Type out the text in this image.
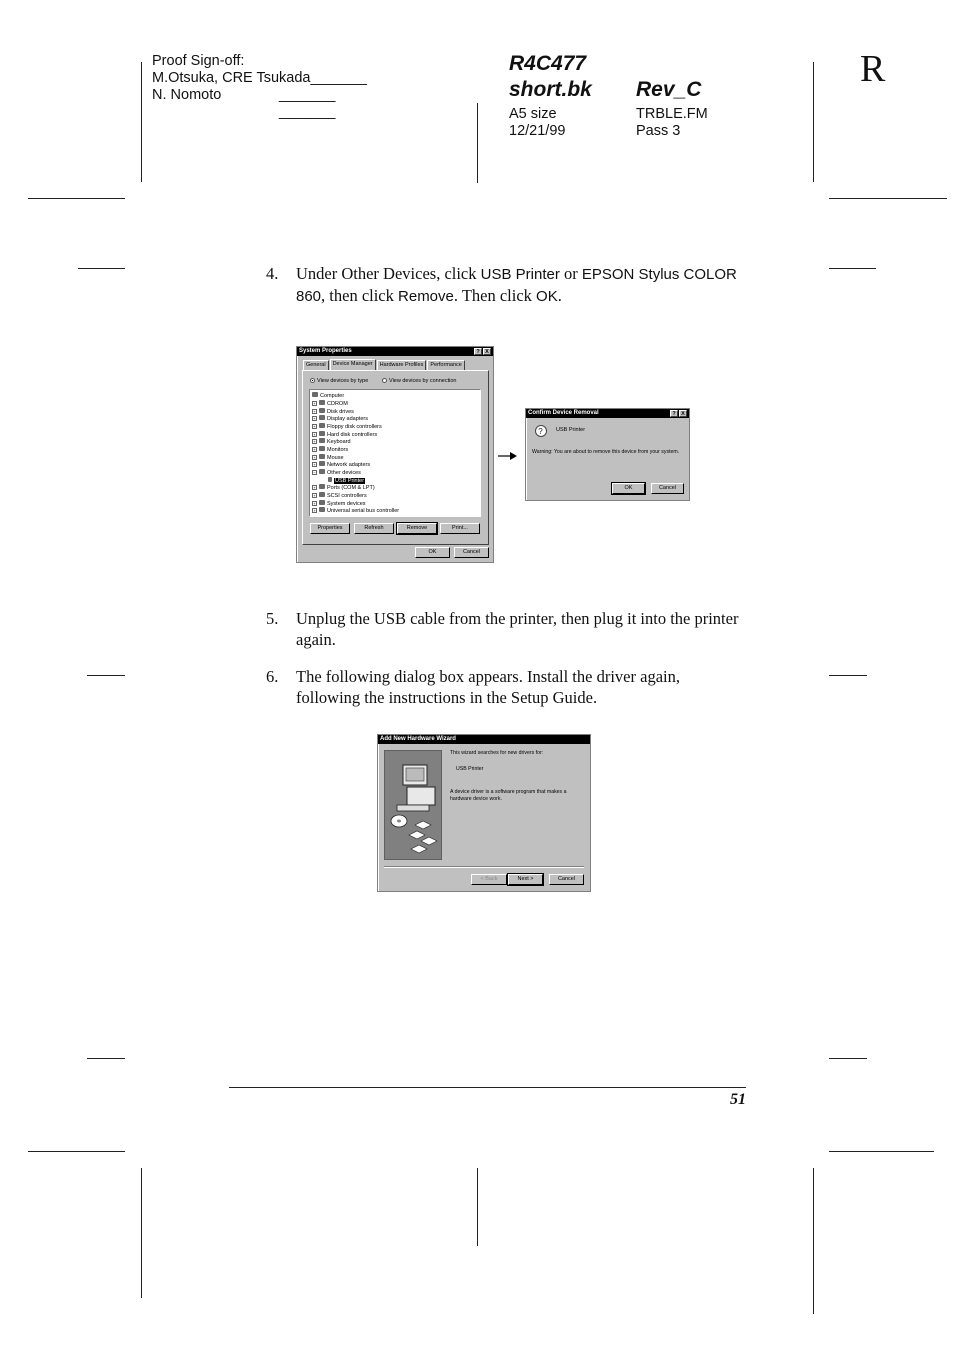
Proof Sign-off:
M.Otsuka, CRE Tsukada_______
N. Nomoto	_______
_______
R4C477
short.bk Rev_C
A5 size
12/21/99
TRBLE.FM
Pass 3
R
4. Under Other Devices, click USB Printer or EPSON Stylus COLOR 860, then click Remove. Then click OK.
System Properties	? X
General	Device Manager	Hardware Profiles	Performance
View devices by type	View devices by connection
Computer
+ CDROM
+ Disk drives
+ Display adapters
+ Floppy disk controllers
+ Hard disk controllers
+ Keyboard
+ Monitors
+ Mouse
+ Network adapters
− Other devices
USB Printer
+ Ports (COM & LPT)
+ SCSI controllers
+ System devices
+ Universal serial bus controller
Properties	Refresh	Remove	Print...
OK	Cancel
Confirm Device Removal	? X
? USB Printer
Warning: You are about to remove this device from your system.
OK	Cancel
5. Unplug the USB cable from the printer, then plug it into the printer again.
6. The following dialog box appears. Install the driver again, following the instructions in the Setup Guide.
Add New Hardware Wizard
This wizard searches for new drivers for:
USB Printer
A device driver is a software program that makes a hardware device work.
< Back	Next >	Cancel
51
